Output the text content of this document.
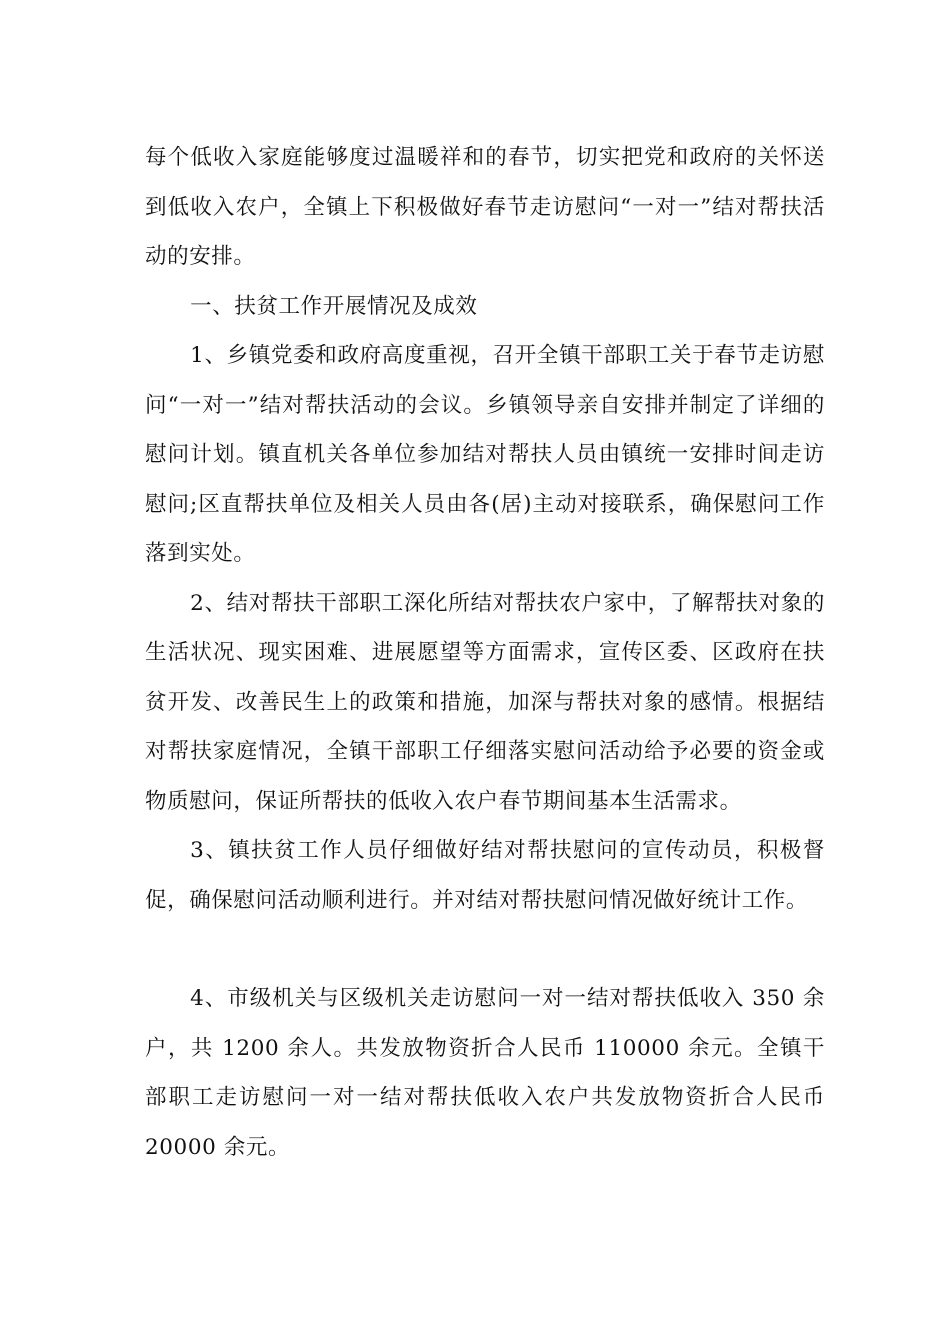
每个低收入家庭能够度过温暖祥和的春节，切实把党和政府的关怀送到低收入农户，全镇上下积极做好春节走访慰问“一对一”结对帮扶活动的安排。

一、扶贫工作开展情况及成效

1、乡镇党委和政府高度重视，召开全镇干部职工关于春节走访慰问“一对一”结对帮扶活动的会议。乡镇领导亲自安排并制定了详细的慰问计划。镇直机关各单位参加结对帮扶人员由镇统一安排时间走访慰问;区直帮扶单位及相关人员由各(居)主动对接联系，确保慰问工作落到实处。

2、结对帮扶干部职工深化所结对帮扶农户家中，了解帮扶对象的生活状况、现实困难、进展愿望等方面需求，宣传区委、区政府在扶贫开发、改善民生上的政策和措施，加深与帮扶对象的感情。根据结对帮扶家庭情况，全镇干部职工仔细落实慰问活动给予必要的资金或物质慰问，保证所帮扶的低收入农户春节期间基本生活需求。

3、镇扶贫工作人员仔细做好结对帮扶慰问的宣传动员，积极督促，确保慰问活动顺利进行。并对结对帮扶慰问情况做好统计工作。

4、市级机关与区级机关走访慰问一对一结对帮扶低收入 350 余户，共 1200 余人。共发放物资折合人民币 110000 余元。全镇干部职工走访慰问一对一结对帮扶低收入农户共发放物资折合人民币20000 余元。
